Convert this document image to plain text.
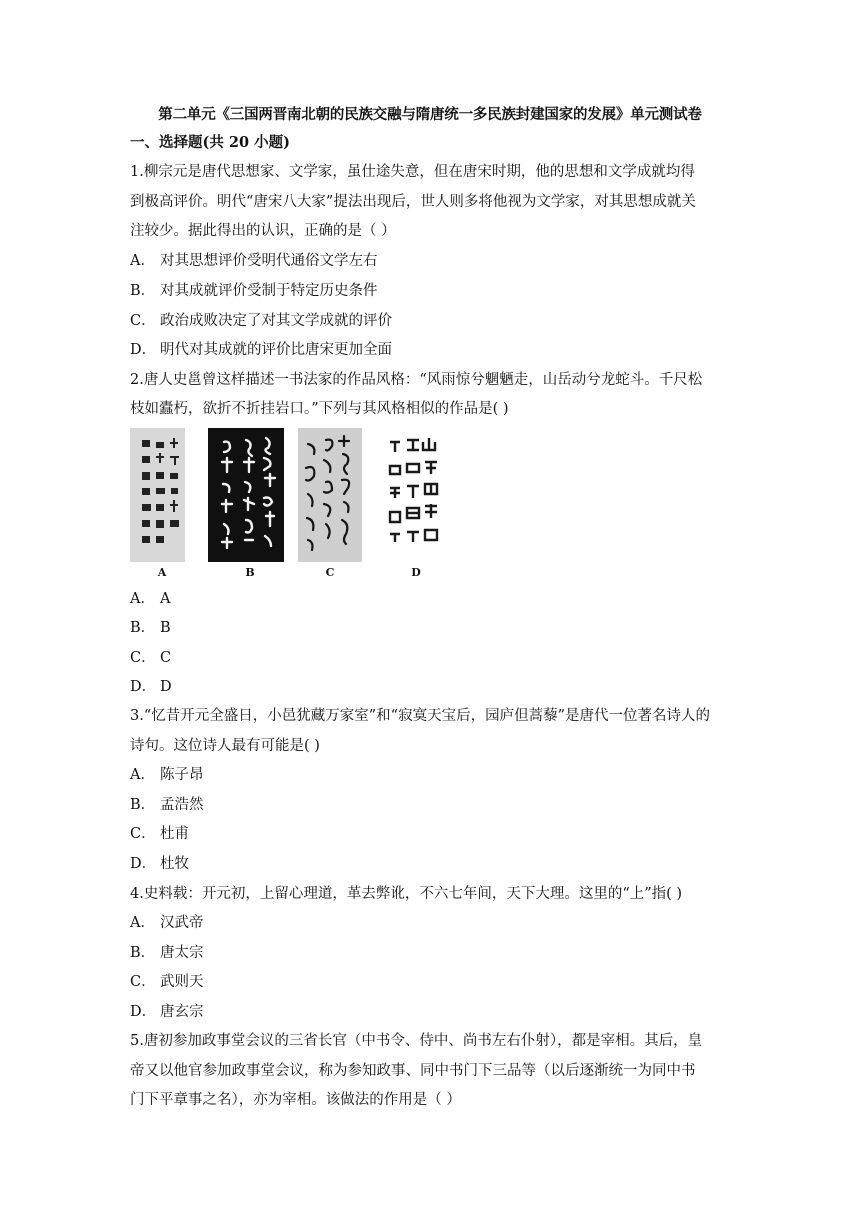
第二单元《三国两晋南北朝的民族交融与隋唐统一多民族封建国家的发展》单元测试卷
一、选择题(共 20 小题)
1.柳宗元是唐代思想家、文学家，虽仕途失意，但在唐宋时期，他的思想和文学成就均得
到极高评价。明代“唐宋八大家”提法出现后，世人则多将他视为文学家，对其思想成就关
注较少。据此得出的认识，正确的是（ ）
A． 对其思想评价受明代通俗文学左右
B． 对其成就评价受制于特定历史条件
C． 政治成败决定了对其文学成就的评价
D． 明代对其成就的评价比唐宋更加全面
2.唐人史邕曾这样描述一书法家的作品风格：“风雨惊兮魍魉走，山岳动兮龙蛇斗。千尺松
枝如蠹朽，欲折不折挂岩口。”下列与其风格相似的作品是( )
A	B	C	D
A． A
B． B
C． C
D． D
3.“忆昔开元全盛日，小邑犹藏万家室”和“寂寞天宝后，园庐但蒿藜”是唐代一位著名诗人的
诗句。这位诗人最有可能是( )
A． 陈子昂
B． 孟浩然
C． 杜甫
D． 杜牧
4.史料载：开元初，上留心理道，革去弊讹，不六七年间，天下大理。这里的“上”指( )
A． 汉武帝
B． 唐太宗
C． 武则天
D． 唐玄宗
5.唐初参加政事堂会议的三省长官（中书令、侍中、尚书左右仆射），都是宰相。其后，皇
帝又以他官参加政事堂会议，称为参知政事、同中书门下三品等（以后逐渐统一为同中书
门下平章事之名），亦为宰相。该做法的作用是（ ）
